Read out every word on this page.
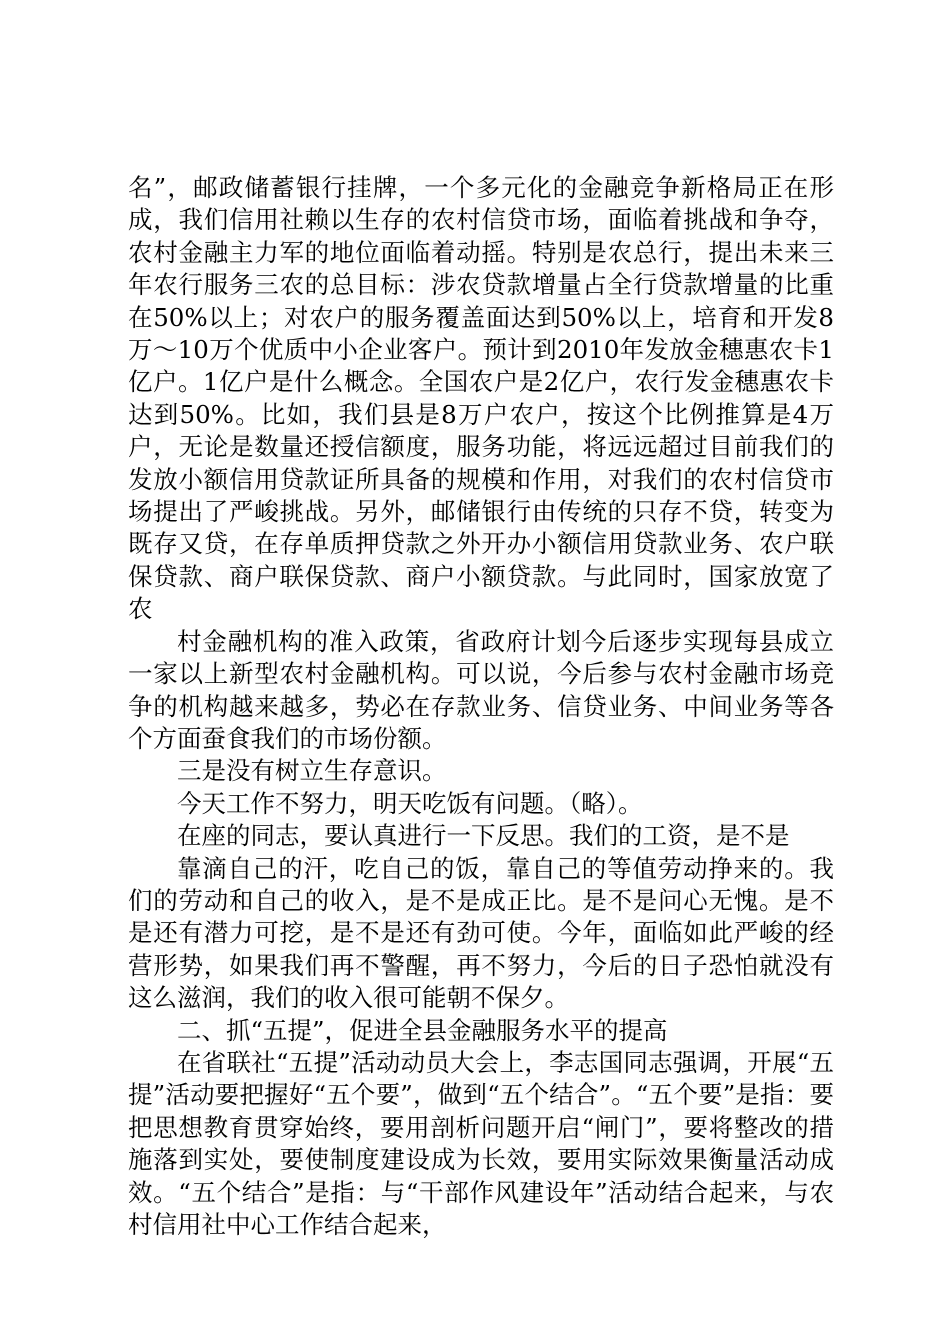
名”，邮政储蓄银行挂牌，一个多元化的金融竞争新格局正在形成，我们信用社赖以生存的农村信贷市场，面临着挑战和争夺，农村金融主力军的地位面临着动摇。特别是农总行，提出未来三年农行服务三农的总目标：涉农贷款增量占全行贷款增量的比重在50%以上；对农户的服务覆盖面达到50%以上，培育和开发8万～10万个优质中小企业客户。预计到2010年发放金穗惠农卡1亿户。1亿户是什么概念。全国农户是2亿户，农行发金穗惠农卡达到50%。比如，我们县是8万户农户，按这个比例推算是4万户，无论是数量还授信额度，服务功能，将远远超过目前我们的发放小额信用贷款证所具备的规模和作用，对我们的农村信贷市场提出了严峻挑战。另外，邮储银行由传统的只存不贷，转变为既存又贷，在存单质押贷款之外开办小额信用贷款业务、农户联保贷款、商户联保贷款、商户小额贷款。与此同时，国家放宽了农

村金融机构的准入政策，省政府计划今后逐步实现每县成立一家以上新型农村金融机构。可以说，今后参与农村金融市场竞争的机构越来越多，势必在存款业务、信贷业务、中间业务等各个方面蚕食我们的市场份额。

三是没有树立生存意识。

今天工作不努力，明天吃饭有问题。（略）。

在座的同志，要认真进行一下反思。我们的工资，是不是

靠滴自己的汗，吃自己的饭，靠自己的等值劳动挣来的。我们的劳动和自己的收入，是不是成正比。是不是问心无愧。是不是还有潜力可挖，是不是还有劲可使。今年，面临如此严峻的经营形势，如果我们再不警醒，再不努力，今后的日子恐怕就没有这么滋润，我们的收入很可能朝不保夕。

二、抓“五提”，促进全县金融服务水平的提高

在省联社“五提”活动动员大会上，李志国同志强调，开展“五提”活动要把握好“五个要”，做到“五个结合”。“五个要”是指：要把思想教育贯穿始终，要用剖析问题开启“闸门”，要将整改的措施落到实处，要使制度建设成为长效，要用实际效果衡量活动成效。“五个结合”是指：与“干部作风建设年”活动结合起来，与农村信用社中心工作结合起来，
